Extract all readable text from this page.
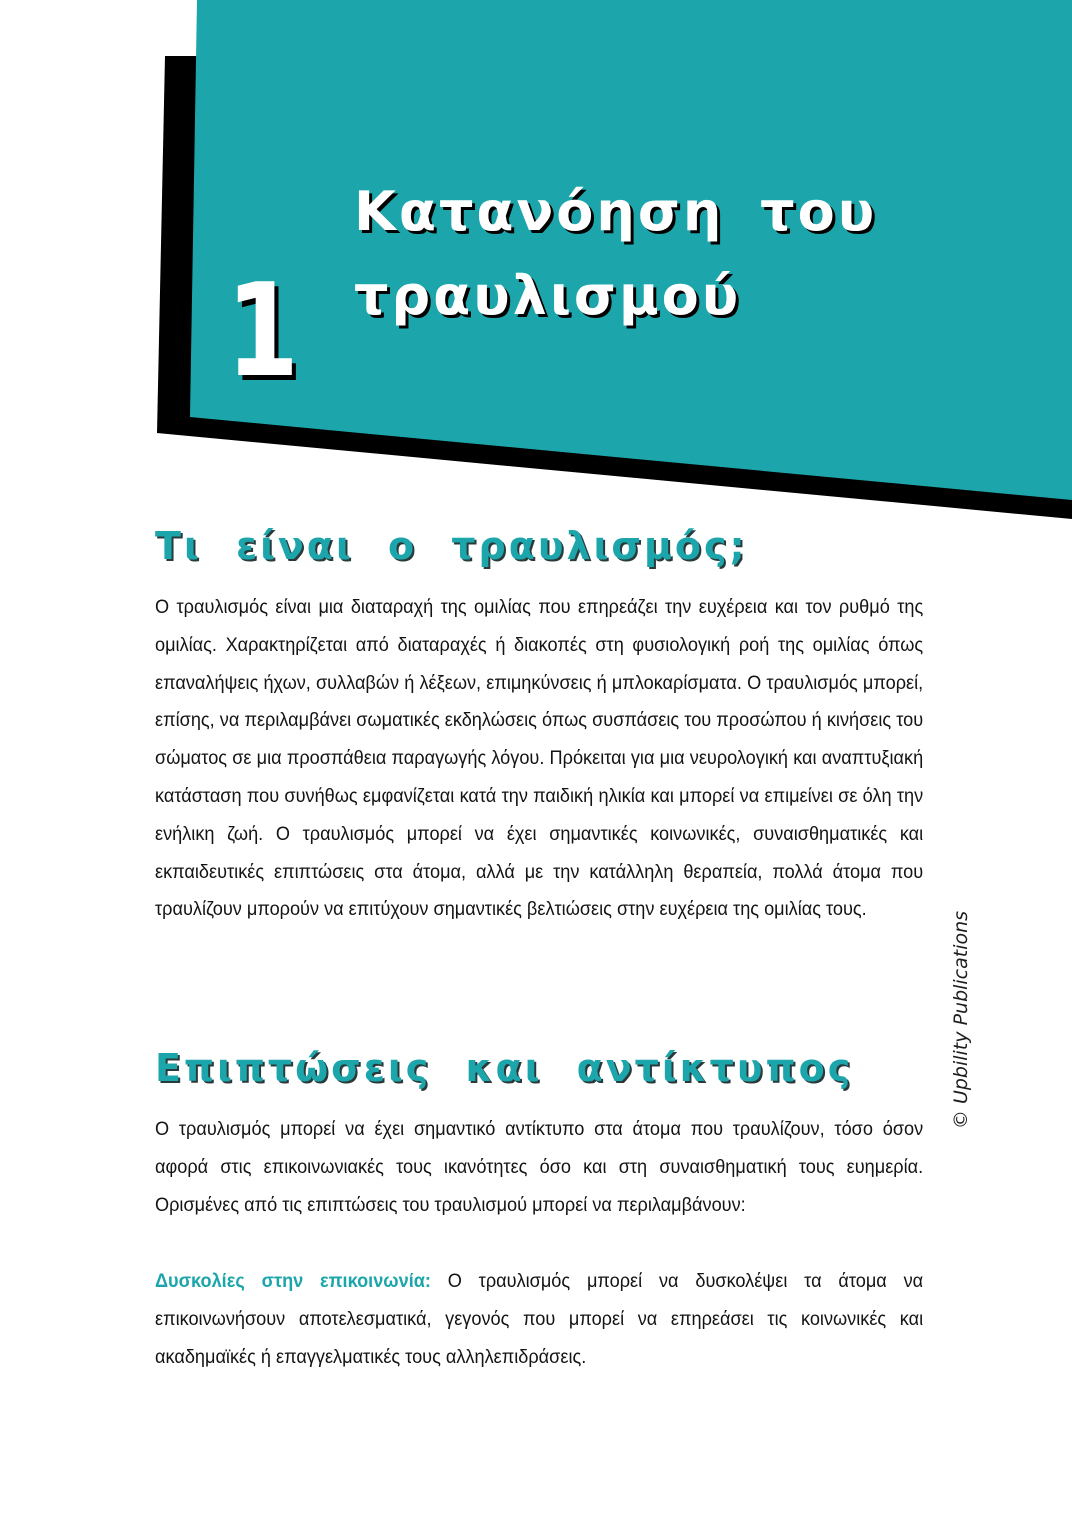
1
Κατανόηση του
τραυλισμού
Τι είναι ο τραυλισμός;

Ο τραυλισμός είναι μια διαταραχή της ομιλίας που επηρεάζει την ευχέρεια και τον ρυθμό της ομιλίας. Χαρακτηρίζεται από διαταραχές ή διακοπές στη φυσιολογική ροή της ομιλίας όπως επαναλήψεις ήχων, συλλαβών ή λέξεων, επιμηκύνσεις ή μπλοκαρίσματα. Ο τραυλισμός μπορεί, επίσης, να περιλαμβάνει σωματικές εκδηλώσεις όπως συσπάσεις του προσώπου ή κινήσεις του σώματος σε μια προσπάθεια παραγωγής λόγου. Πρόκειται για μια νευρολογική και αναπτυξιακή κατάσταση που συνήθως εμφανίζεται κατά την παιδική ηλικία και μπορεί να επιμείνει σε όλη την ενήλικη ζωή. Ο τραυλισμός μπορεί να έχει σημαντικές κοινωνικές, συναισθηματικές και εκπαιδευτικές επιπτώσεις στα άτομα, αλλά με την κατάλληλη θεραπεία, πολλά άτομα που τραυλίζουν μπορούν να επιτύχουν σημαντικές βελτιώσεις στην ευχέρεια της ομιλίας τους.

Επιπτώσεις και αντίκτυπος

Ο τραυλισμός μπορεί να έχει σημαντικό αντίκτυπο στα άτομα που τραυλίζουν, τόσο όσον αφορά στις επικοινωνιακές τους ικανότητες όσο και στη συναισθηματική τους ευημερία. Ορισμένες από τις επιπτώσεις του τραυλισμού μπορεί να περιλαμβάνουν:

Δυσκολίες στην επικοινωνία: Ο τραυλισμός μπορεί να δυσκολέψει τα άτομα να επικοινωνήσουν αποτελεσματικά, γεγονός που μπορεί να επηρεάσει τις κοινωνικές και ακαδημαϊκές ή επαγγελματικές τους αλληλεπιδράσεις.

© Upbility Publications
